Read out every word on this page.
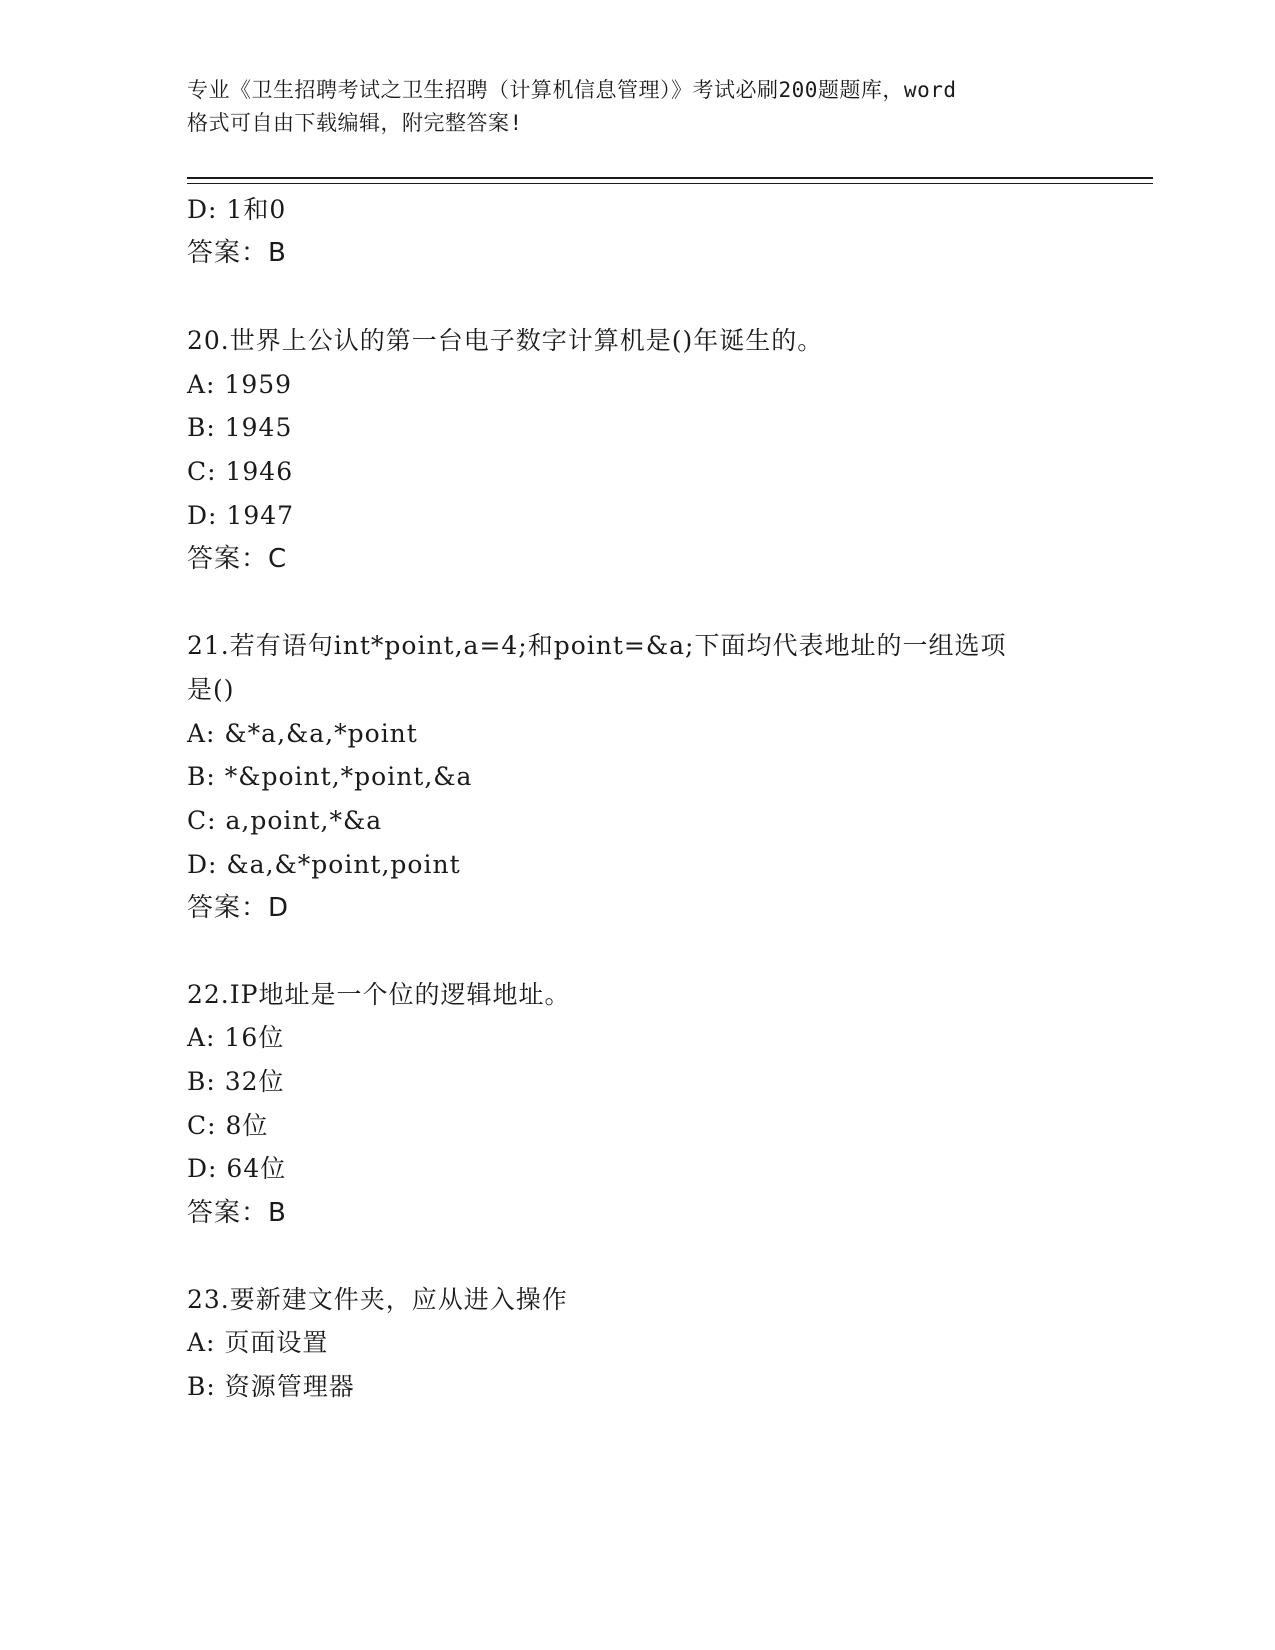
专业《卫生招聘考试之卫生招聘（计算机信息管理）》考试必刷200题题库，word
格式可自由下载编辑，附完整答案!
D: 1和0
答案：B
20.世界上公认的第一台电子数字计算机是()年诞生的。
A: 1959
B: 1945
C: 1946
D: 1947
答案：C
21.若有语句int*point,a=4;和point=&a;下面均代表地址的一组选项
是()
A: &*a,&a,*point
B: *&point,*point,&a
C: a,point,*&a
D: &a,&*point,point
答案：D
22.IP地址是一个位的逻辑地址。
A: 16位
B: 32位
C: 8位
D: 64位
答案：B
23.要新建文件夹，应从进入操作
A: 页面设置
B: 资源管理器
